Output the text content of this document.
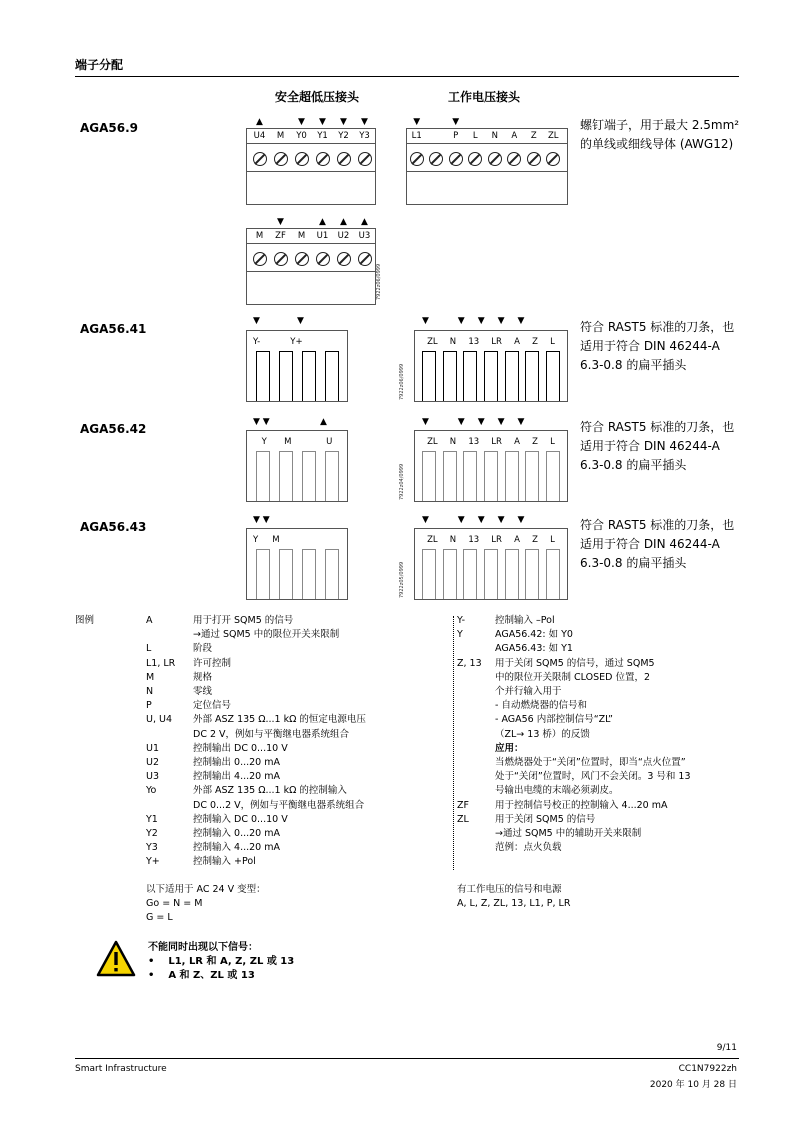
端子分配
安全超低压接头	工作电压接头
AGA56.9	螺钉端子，用于最大 2.5mm² 的单线或细线导体 (AWG12)
AGA56.41	符合 RAST5 标准的刀条，也适用于符合 DIN 46244-A 6.3-0.8 的扁平插头
AGA56.42	符合 RAST5 标准的刀条，也适用于符合 DIN 46244-A 6.3-0.8 的扁平插头
AGA56.43	符合 RAST5 标准的刀条，也适用于符合 DIN 46244-A 6.3-0.8 的扁平插头
▲	▼	▼	▼	▼
U4	M	Y0	Y1	Y2	Y3
▼	▼
L1	P	L	N	A	Z	ZL
▼	▲	▲	▲
M	ZF	M	U1	U2	U3
7922z06/0999
▼	▼
Y-	Y+
▼ ▼▼▼▼
ZL N 13 LR A Z L
7922z06/0999
▼ ▼	▲
Y M	U
▼ ▼▼▼▼
ZL N 13 LR A Z L
7922z04/0999
▼ ▼
Y M
▼ ▼▼▼▼
ZL N 13 LR A Z L
7922z05/0999
图例	A	用于打开 SQM5 的信号
→通过 SQM5 中的限位开关来限制
L	阶段
L1, LR	许可控制
M	规格
N	零线
P	定位信号
U, U4	外部 ASZ 135 Ω...1 kΩ 的恒定电源电压
DC 2 V，例如与平衡继电器系统组合
U1	控制输出 DC 0...10 V
U2	控制输出 0...20 mA
U3	控制输出 4...20 mA
Yo	外部 ASZ 135 Ω...1 kΩ 的控制输入
DC 0...2 V，例如与平衡继电器系统组合
Y1	控制输入 DC 0...10 V
Y2	控制输入 0...20 mA
Y3	控制输入 4...20 mA
Y+	控制输入 +Pol
Y-	控制输入 –Pol
Y	AGA56.42: 如 Y0
AGA56.43: 如 Y1
Z, 13	用于关闭 SQM5 的信号，通过 SQM5
中的限位开关限制 CLOSED 位置，2
个并行输入用于
- 自动燃烧器的信号和
- AGA56 内部控制信号“ZL”
（ZL→ 13 桥）的反馈
应用：
当燃烧器处于“关闭”位置时，即当“点火位置”
处于“关闭”位置时，风门不会关闭。3 号和 13
号输出电缆的末端必须剥皮。
ZF	用于控制信号校正的控制输入 4...20 mA
ZL	用于关闭 SQM5 的信号
→通过 SQM5 中的辅助开关来限制
范例：点火负载
以下适用于 AC 24 V 变型：
Go = N = M
G = L
有工作电压的信号和电源
A, L, Z, ZL, 13, L1, P, LR
不能同时出现以下信号：
•    L1, LR 和 A, Z, ZL 或 13
•    A 和 Z、ZL 或 13
9/11
Smart Infrastructure	CC1N7922zh
2020 年 10 月 28 日
